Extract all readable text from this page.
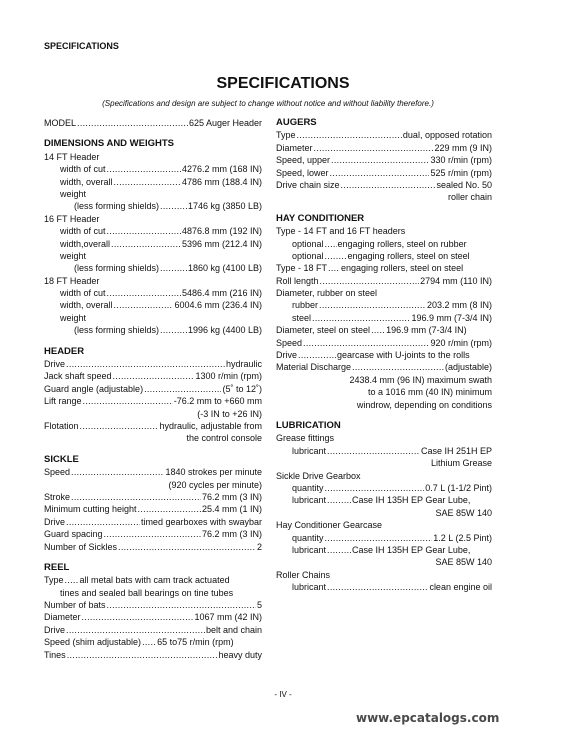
SPECIFICATIONS
SPECIFICATIONS
(Specifications and design are subject to change without notice and without liability therefore.)
MODEL .....	625 Auger Header
DIMENSIONS AND WEIGHTS
14 FT Header
width of cut .....	4276.2 mm (168 IN)
width, overall .....	4786 mm (188.4 IN)
weight
(less forming shields) .....	1746 kg (3850 LB)
16 FT Header
width of cut .....	4876.8 mm (192 IN)
width,overall .....	5396 mm (212.4 IN)
weight
(less forming shields) .....	1860 kg (4100 LB)
18 FT Header
width of cut .....	5486.4 mm (216 IN)
width, overall .....	6004.6 mm (236.4 IN)
weight
(less forming shields) .....	1996 kg (4400 LB)
HEADER
Drive .....	hydraulic
Jack shaft speed .....	1300 r/min (rpm)
Guard angle (adjustable) .....	(5˚ to 12˚)
Lift range .....	-76.2 mm to +660 mm
(-3 IN to +26 IN)
Flotation .....	hydraulic, adjustable from
the control console
SICKLE
Speed .....	1840 strokes per minute
(920 cycles per minute)
Stroke .....	76.2 mm (3 IN)
Minimum cutting height .....	25.4 mm (1 IN)
Drive .....	timed gearboxes with swaybar
Guard spacing .....	76.2 mm (3 IN)
Number of Sickles .....	2
REEL
Type ..... all metal bats with cam track actuated
tines and sealed ball bearings on tine tubes
Number of bats .....	5
Diameter .....	1067 mm (42 IN)
Drive .....	belt and chain
Speed (shim adjustable) ..... 65 to75 r/min (rpm)
Tines .....	heavy duty
AUGERS
Type .....	dual, opposed rotation
Diameter .....	229 mm (9 IN)
Speed, upper .....	330 r/min (rpm)
Speed, lower .....	525 r/min (rpm)
Drive chain size .....	sealed No. 50
roller chain
HAY CONDITIONER
Type - 14 FT and 16 FT headers
optional ..... engaging rollers, steel on rubber
optional .....	engaging rollers, steel on steel
Type - 18 FT ..... engaging rollers, steel on steel
Roll length .....	2794 mm (110 IN)
Diameter, rubber on steel
rubber .....	203.2 mm (8 IN)
steel .....	196.9 mm (7-3/4 IN)
Diameter, steel on steel ..... 196.9 mm (7-3/4 IN)
Speed .....	920 r/min (rpm)
Drive .....	gearcase with U-joints to the rolls
Material Discharge .....	(adjustable)
2438.4 mm (96 IN) maximum swath
to a 1016 mm (40 IN) minimum
windrow, depending on conditions
LUBRICATION
Grease fittings
lubricant .....	Case IH 251H EP
Lithium Grease
Sickle Drive Gearbox
quantity .....	0.7 L (1-1/2 Pint)
lubricant .....	Case IH 135H EP Gear Lube,
SAE 85W 140
Hay Conditioner Gearcase
quantity .....	1.2 L (2.5 Pint)
lubricant .....	Case IH 135H EP Gear Lube,
SAE 85W 140
Roller Chains
lubricant .....	clean engine oil
- IV -
www.epcatalogs.com
